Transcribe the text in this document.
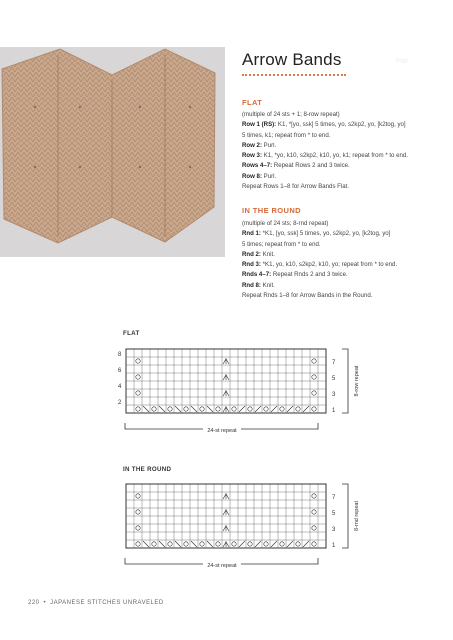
Flat
Arrow Bands
FLAT
(multiple of 24 sts + 1; 8-row repeat)
Row 1 (RS): K1, *[yo, ssk] 5 times, yo, s2kp2, yo, [k2tog, yo]
5 times, k1; repeat from * to end.
Row 2: Purl.
Row 3: K1, *yo, k10, s2kp2, k10, yo, k1; repeat from * to end.
Rows 4–7: Repeat Rows 2 and 3 twice.
Row 8: Purl.
Repeat Rows 1–8 for Arrow Bands Flat.
IN THE ROUND
(multiple of 24 sts; 8-rnd repeat)
Rnd 1: *K1, [yo, ssk] 5 times, yo, s2kp2, yo, [k2tog, yo]
5 times; repeat from * to end.
Rnd 2: Knit.
Rnd 3: *K1, yo, k10, s2kp2, k10, yo; repeat from * to end.
Rnds 4–7: Repeat Rnds 2 and 3 twice.
Rnd 8: Knit.
Repeat Rnds 1–8 for Arrow Bands in the Round.
FLAT
8
6
4
2
7
5
3
1
8-row repeat
24-st repeat
IN THE ROUND
7
5
3
1
8-rnd repeat
24-st repeat
220 • JAPANESE STITCHES UNRAVELED
